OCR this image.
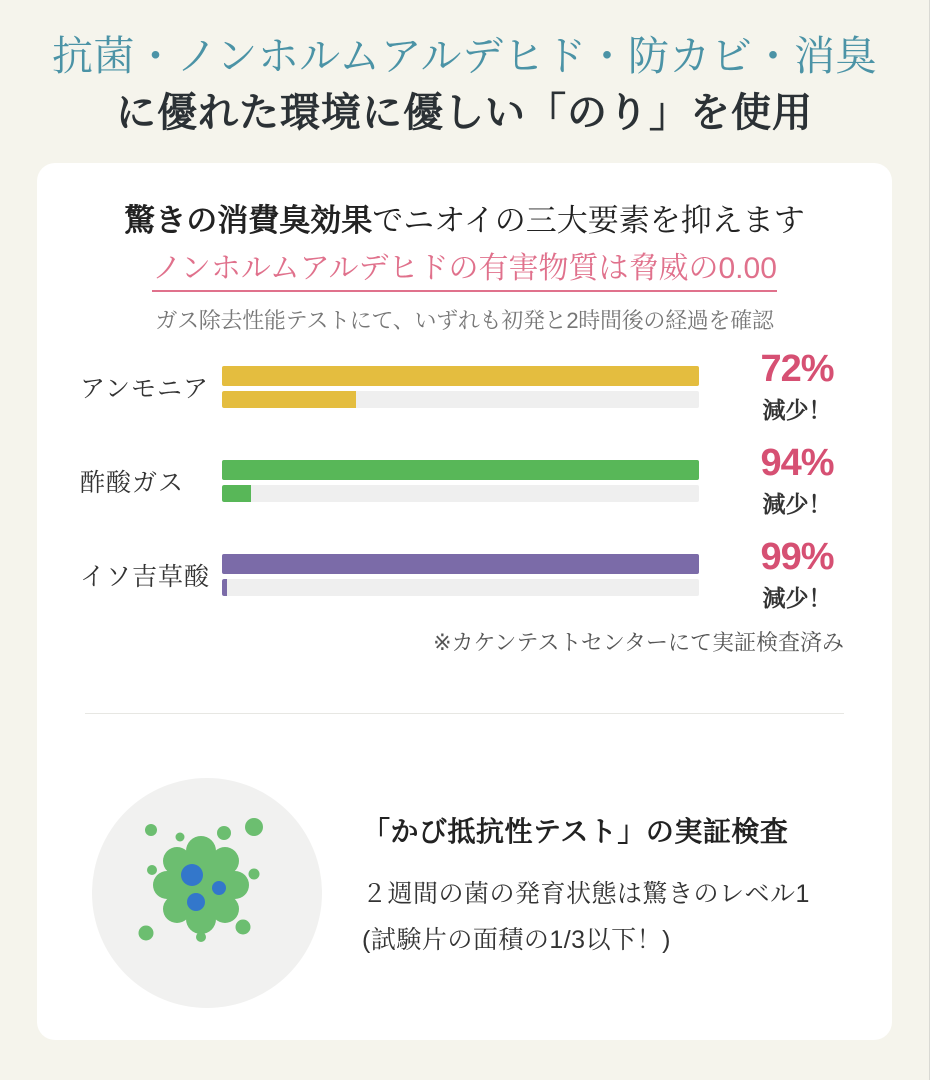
抗菌・ノンホルムアルデヒド・防カビ・消臭
に優れた環境に優しい「のり」を使用
驚きの消費臭効果でニオイの三大要素を抑えます
ノンホルムアルデヒドの有害物質は脅威の0.00
ガス除去性能テストにて、いずれも初発と2時間後の経過を確認
アンモニア	72%
減少！
酢酸ガス	94%
減少！
イソ吉草酸	99%
減少！
※カケンテストセンターにて実証検査済み
「かび抵抗性テスト」の実証検査
２週間の菌の発育状態は驚きのレベル1
(試験片の面積の1/3以下！)
